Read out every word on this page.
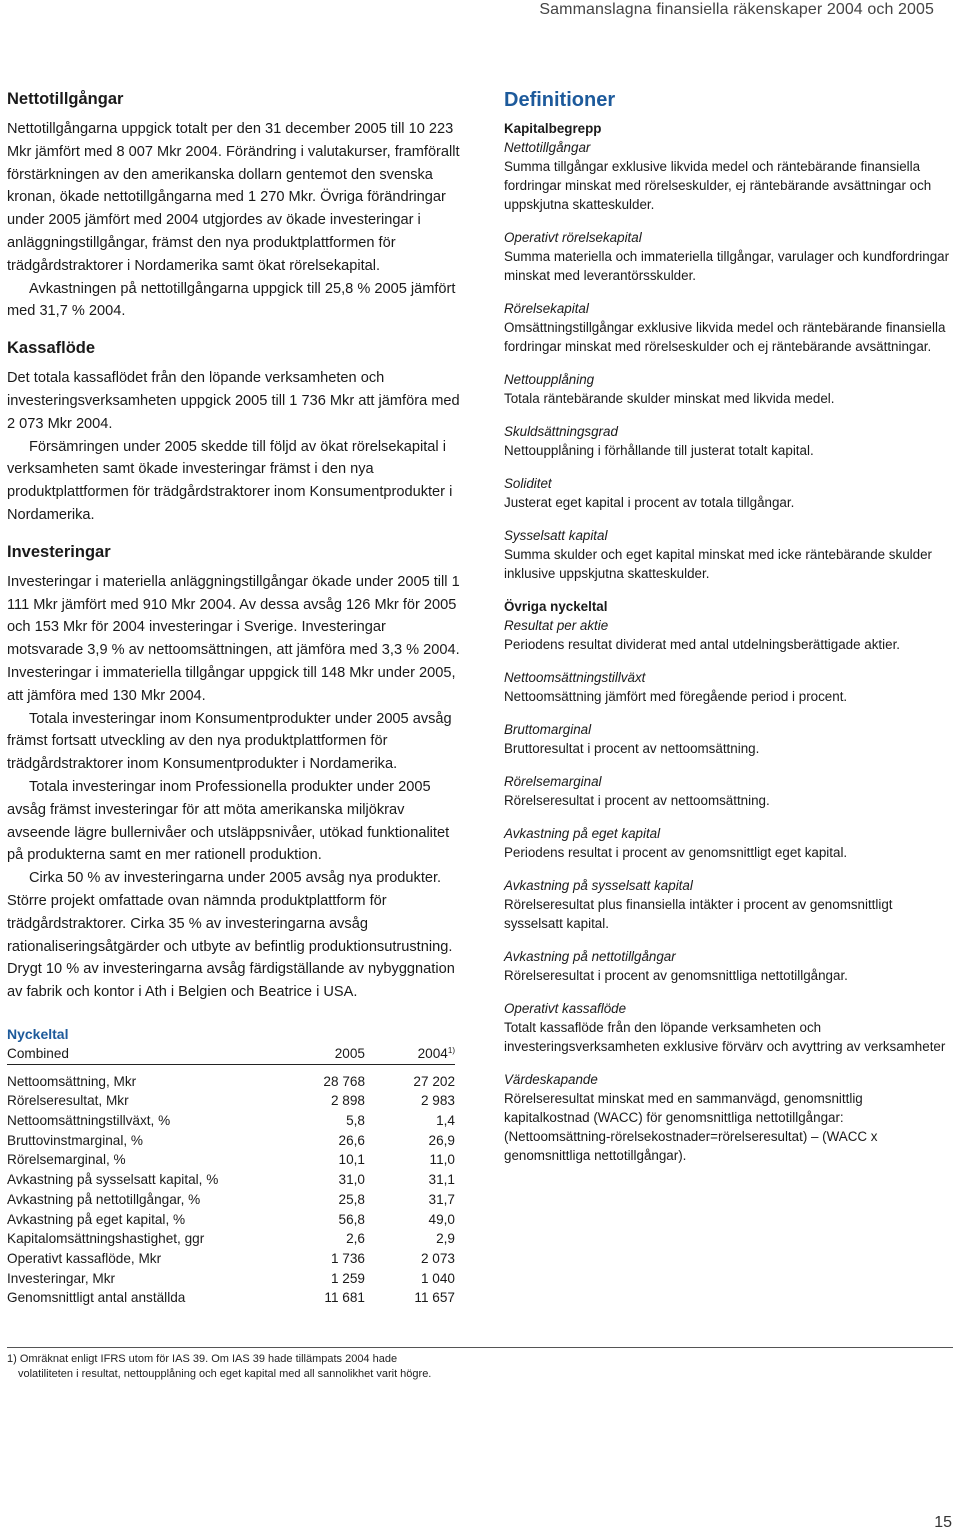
Sammanslagna finansiella räkenskaper 2004 och 2005
Nettotillgångar

Nettotillgångarna uppgick totalt per den 31 december 2005 till 10 223 Mkr jämfört med 8 007 Mkr 2004. Förändring i valutakurser, framförallt förstärkningen av den amerikanska dollarn gentemot den svenska kronan, ökade nettotillgångarna med 1 270 Mkr. Övriga förändringar under 2005 jämfört med 2004 utgjordes av ökade investeringar i anläggningstillgångar, främst den nya produktplattformen för trädgårdstraktorer i Nordamerika samt ökat rörelsekapital.

Avkastningen på nettotillgångarna uppgick till 25,8 % 2005 jämfört med 31,7 % 2004.

Kassaflöde

Det totala kassaflödet från den löpande verksamheten och investeringsverksamheten uppgick 2005 till 1 736 Mkr att jämföra med 2 073 Mkr 2004.

Försämringen under 2005 skedde till följd av ökat rörelsekapital i verksamheten samt ökade investeringar främst i den nya produktplattformen för trädgårdstraktorer inom Konsumentprodukter i Nordamerika.

Investeringar

Investeringar i materiella anläggningstillgångar ökade under 2005 till 1 111 Mkr jämfört med 910 Mkr 2004. Av dessa avsåg 126 Mkr för 2005 och 153 Mkr för 2004 investeringar i Sverige. Investeringar motsvarade 3,9 % av nettoomsättningen, att jämföra med 3,3 % 2004. Investeringar i immateriella tillgångar uppgick till 148 Mkr under 2005, att jämföra med 130 Mkr 2004.

Totala investeringar inom Konsumentprodukter under 2005 avsåg främst fortsatt utveckling av den nya produktplattformen för trädgårdstraktorer inom Konsumentprodukter i Nordamerika.

Totala investeringar inom Professionella produkter under 2005 avsåg främst investeringar för att möta amerikanska miljökrav avseende lägre bullernivåer och utsläppsnivåer, utökad funktionalitet på produkterna samt en mer rationell produktion.

Cirka 50 % av investeringarna under 2005 avsåg nya produkter. Större projekt omfattade ovan nämnda produktplattform för trädgårdstraktorer. Cirka 35 % av investeringarna avsåg rationaliseringsåtgärder och utbyte av befintlig produktionsutrustning. Drygt 10 % av investeringarna avsåg färdigställande av nybyggnation av fabrik och kontor i Ath i Belgien och Beatrice i USA.

Nyckeltal
Combined	2005	2004$^{1)}$

Nettoomsättning, Mkr	28 768	27 202
Rörelseresultat, Mkr	2 898	2 983
Nettoomsättningstillväxt, %	5,8	1,4
Bruttovinstmarginal, %	26,6	26,9
Rörelsemarginal, %	10,1	11,0
Avkastning på sysselsatt kapital, %	31,0	31,1
Avkastning på nettotillgångar, %	25,8	31,7
Avkastning på eget kapital, %	56,8	49,0
Kapitalomsättningshastighet, ggr	2,6	2,9
Operativt kassaflöde, Mkr	1 736	2 073
Investeringar, Mkr	1 259	1 040
Genomsnittligt antal anställda	11 681	11 657
1) Omräknat enligt IFRS utom för IAS 39. Om IAS 39 hade tillämpats 2004 hade
volatiliteten i resultat, nettoupplåning och eget kapital med all sannolikhet varit högre.
Definitioner
Kapitalbegrepp
Nettotillgångar
Summa tillgångar exklusive likvida medel och räntebärande finansiella fordringar minskat med rörelseskulder, ej räntebärande avsättningar och uppskjutna skatteskulder.
Operativt rörelsekapital
Summa materiella och immateriella tillgångar, varulager och kundfordringar minskat med leverantörsskulder.
Rörelsekapital
Omsättningstillgångar exklusive likvida medel och räntebärande finansiella fordringar minskat med rörelseskulder och ej räntebärande avsättningar.
Nettoupplåning
Totala räntebärande skulder minskat med likvida medel.
Skuldsättningsgrad
Nettoupplåning i förhållande till justerat totalt kapital.
Soliditet
Justerat eget kapital i procent av totala tillgångar.
Sysselsatt kapital
Summa skulder och eget kapital minskat med icke räntebärande skulder inklusive uppskjutna skatteskulder.
Övriga nyckeltal
Resultat per aktie
Periodens resultat dividerat med antal utdelningsberättigade aktier.
Nettoomsättningstillväxt
Nettoomsättning jämfört med föregående period i procent.
Bruttomarginal
Bruttoresultat i procent av nettoomsättning.
Rörelsemarginal
Rörelseresultat i procent av nettoomsättning.
Avkastning på eget kapital
Periodens resultat i procent av genomsnittligt eget kapital.
Avkastning på sysselsatt kapital
Rörelseresultat plus finansiella intäkter i procent av genomsnittligt sysselsatt kapital.
Avkastning på nettotillgångar
Rörelseresultat i procent av genomsnittliga nettotillgångar.
Operativt kassaflöde
Totalt kassaflöde från den löpande verksamheten och investeringsverksamheten exklusive förvärv och avyttring av verksamheter
Värdeskapande
Rörelseresultat minskat med en sammanvägd, genomsnittlig kapitalkostnad (WACC) för genomsnittliga nettotillgångar: (Nettoomsättning-rörelsekostnader=rörelseresultat) – (WACC x genomsnittliga nettotillgångar).
15
